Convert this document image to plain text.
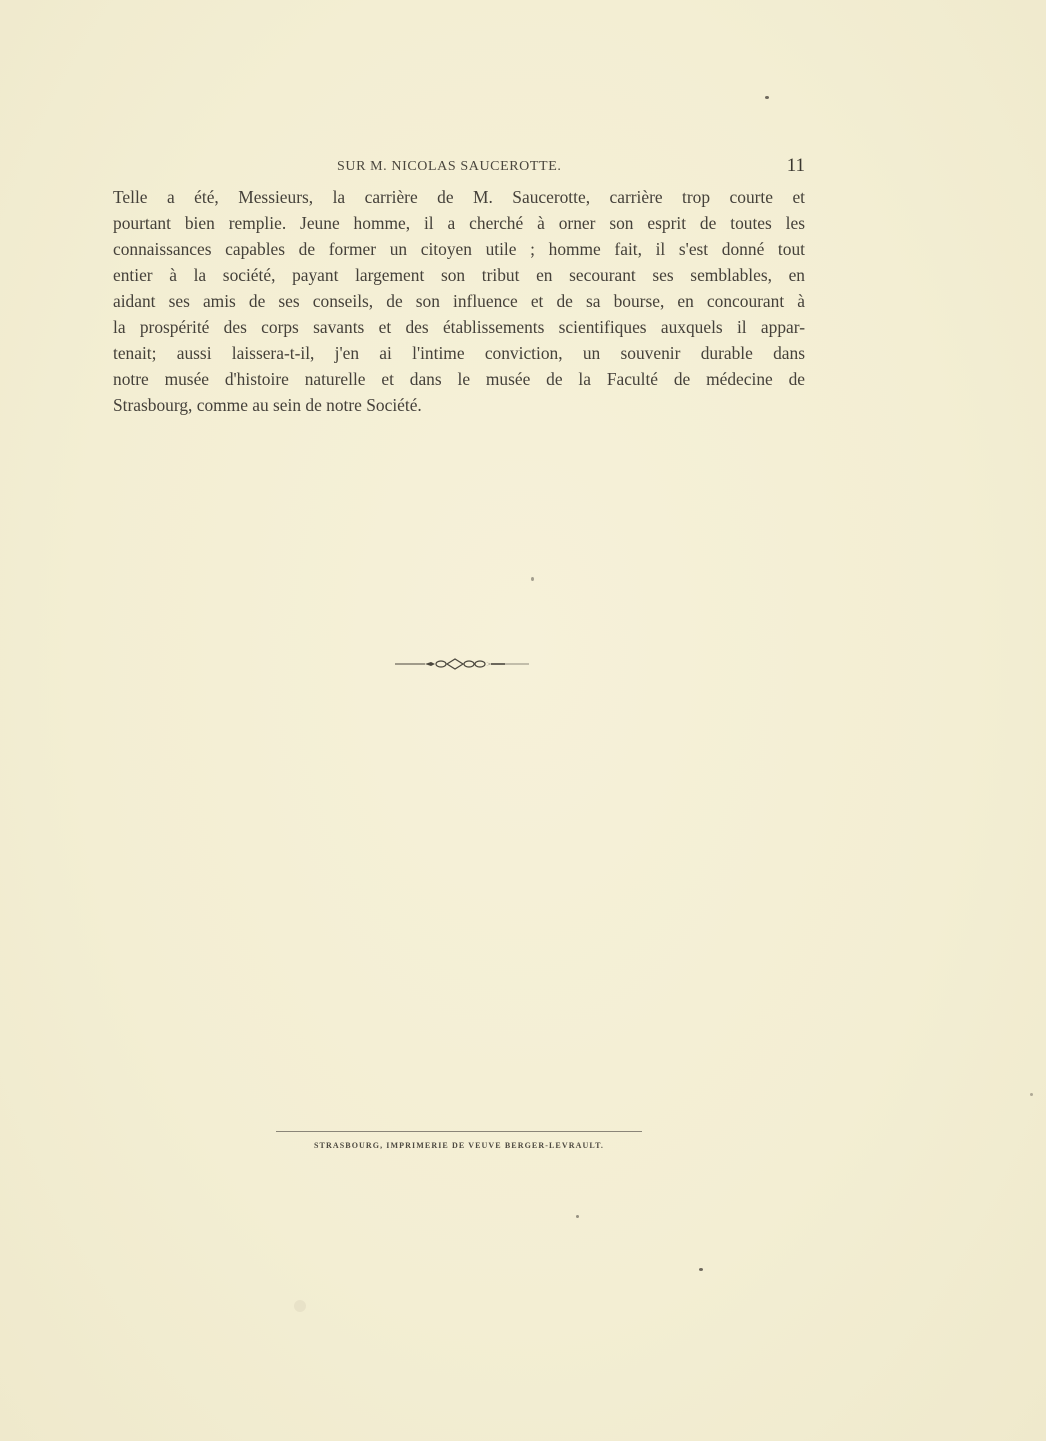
SUR M. NICOLAS SAUCEROTTE.	11
Telle a été, Messieurs, la carrière de M. Saucerotte, carrière trop courte et
pourtant bien remplie. Jeune homme, il a cherché à orner son esprit de toutes les
connaissances capables de former un citoyen utile ; homme fait, il s'est donné tout
entier à la société, payant largement son tribut en secourant ses semblables, en
aidant ses amis de ses conseils, de son influence et de sa bourse, en concourant à
la prospérité des corps savants et des établissements scientifiques auxquels il appar-
tenait; aussi laissera-t-il, j'en ai l'intime conviction, un souvenir durable dans
notre musée d'histoire naturelle et dans le musée de la Faculté de médecine de
Strasbourg, comme au sein de notre Société.
STRASBOURG, IMPRIMERIE DE VEUVE BERGER-LEVRAULT.
